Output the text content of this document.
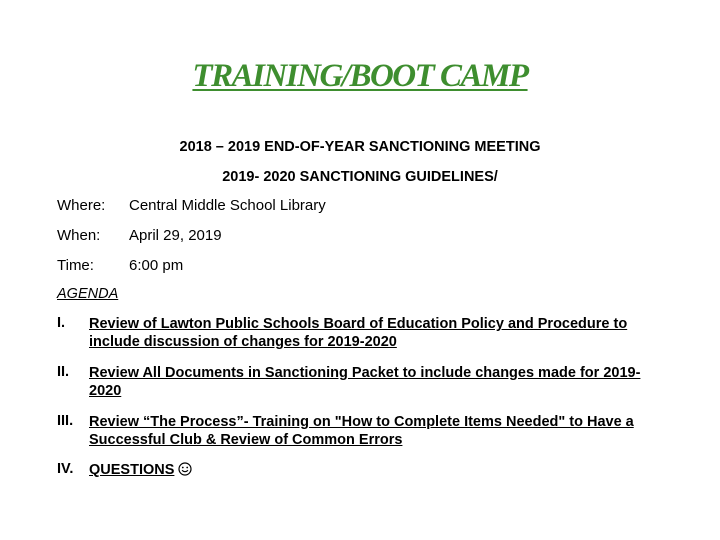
TRAINING/BOOT CAMP
2018 – 2019 END-OF-YEAR SANCTIONING MEETING
2019- 2020 SANCTIONING GUIDELINES/
Where: Central Middle School Library
When: April 29, 2019
Time: 6:00 pm
AGENDA
I. Review of Lawton Public Schools Board of Education Policy and Procedure to include discussion of changes for 2019-2020
II. Review All Documents in Sanctioning Packet to include changes made for 2019-2020
III. Review “The Process”- Training on "How to Complete Items Needed" to Have a Successful Club & Review of Common Errors
IV. QUESTIONS
